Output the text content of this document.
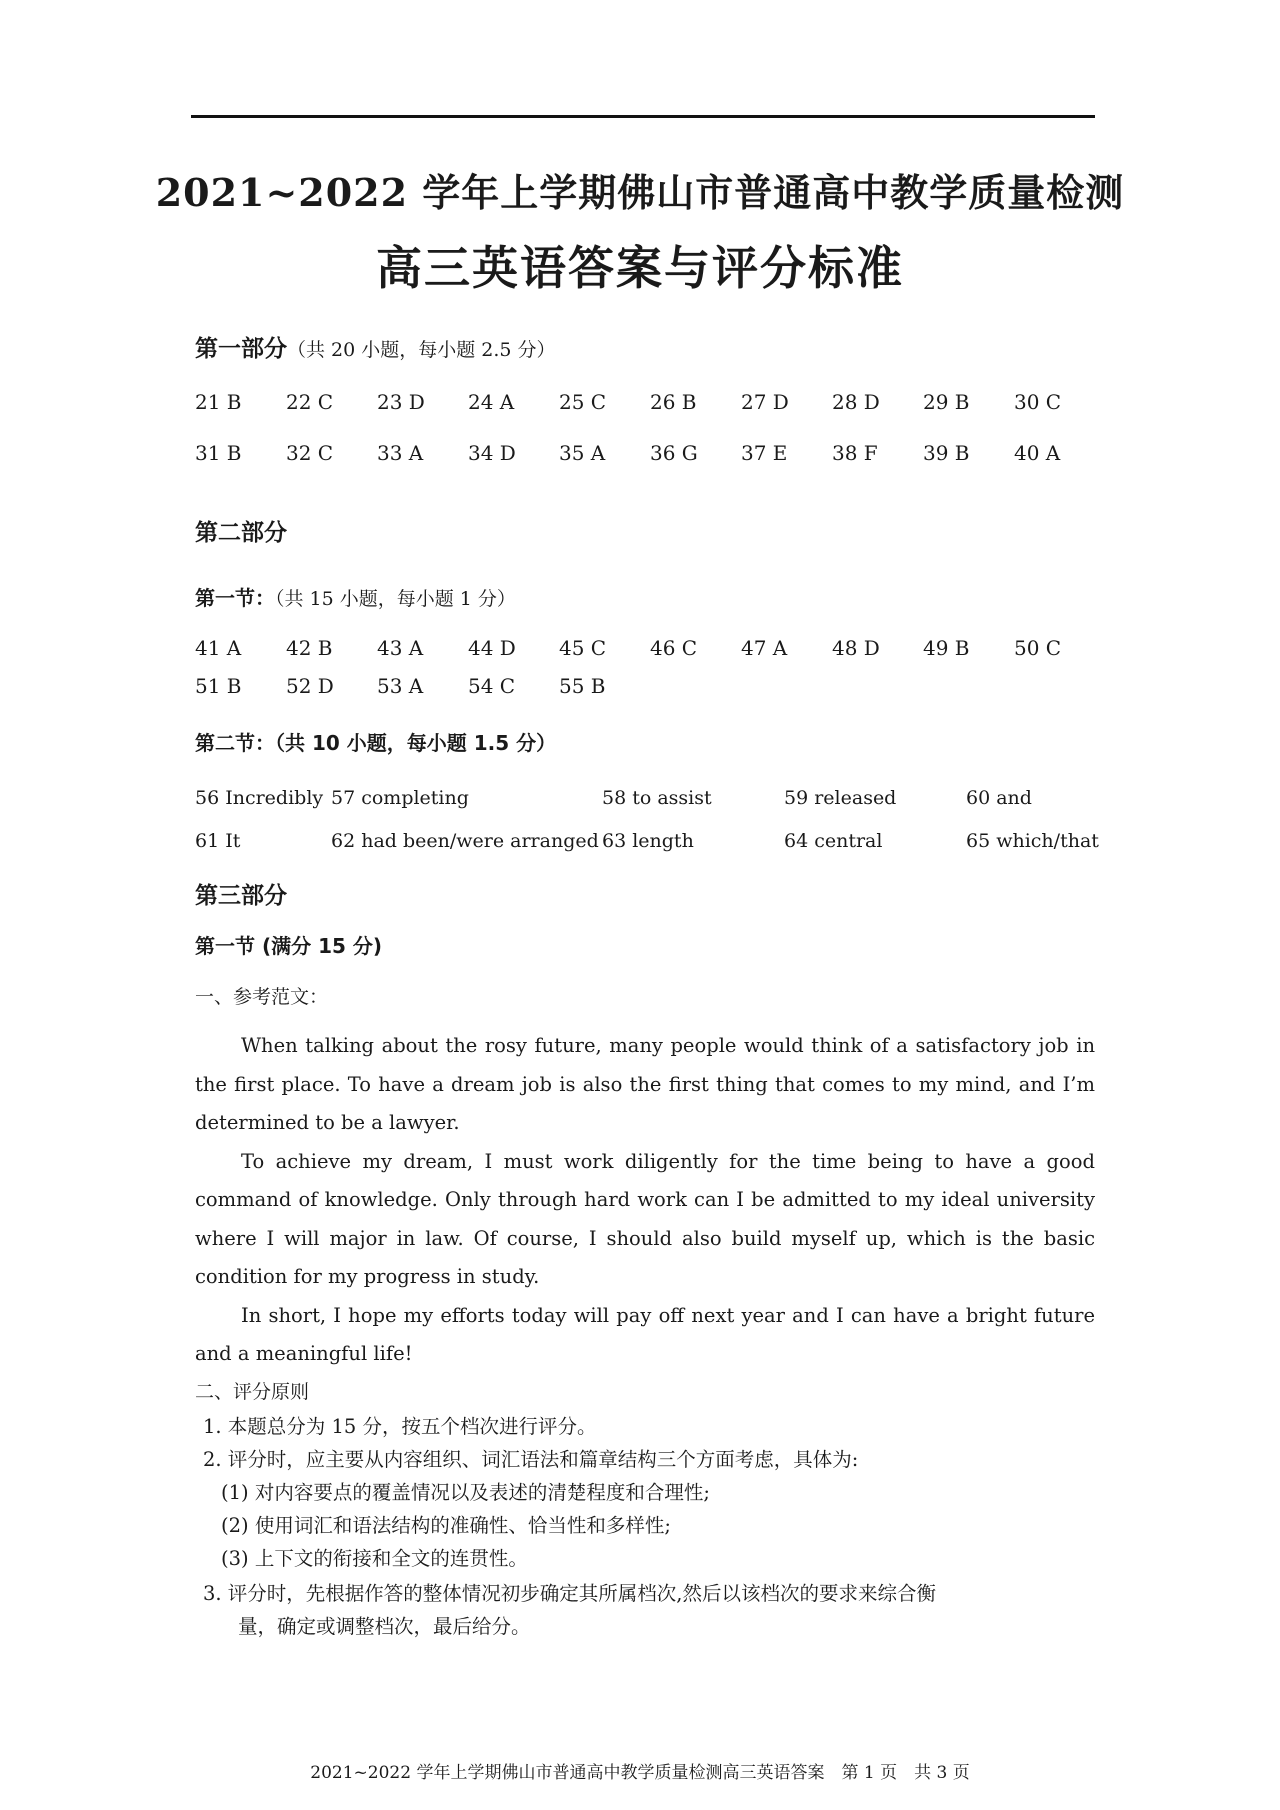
2021~2022 学年上学期佛山市普通高中教学质量检测
高三英语答案与评分标准
第一部分（共 20 小题，每小题 2.5 分）
21 B 22 C 23 D 24 A 25 C 26 B 27 D 28 D 29 B 30 C
31 B 32 C 33 A 34 D 35 A 36 G 37 E 38 F 39 B 40 A
第二部分
第一节：（共 15 小题，每小题 1 分）
41 A 42 B 43 A 44 D 45 C 46 C 47 A 48 D 49 B 50 C
51 B 52 D 53 A 54 C 55 B
第二节：（共 10 小题，每小题 1.5 分）
56 Incredibly 57 completing	58 to assist	59 released	60 and
61 It	62 had been/were arranged 63 length	64 central	65 which/that
第三部分
第一节 (满分 15 分)
一、参考范文：

When talking about the rosy future, many people would think of a satisfactory job in the first place. To have a dream job is also the first thing that comes to my mind, and I’m determined to be a lawyer.

To achieve my dream, I must work diligently for the time being to have a good command of knowledge. Only through hard work can I be admitted to my ideal university where I will major in law. Of course, I should also build myself up, which is the basic condition for my progress in study.

In short, I hope my efforts today will pay off next year and I can have a bright future and a meaningful life!

二、评分原则
1. 本题总分为 15 分，按五个档次进行评分。
2. 评分时，应主要从内容组织、词汇语法和篇章结构三个方面考虑，具体为:
(1) 对内容要点的覆盖情况以及表述的清楚程度和合理性;
(2) 使用词汇和语法结构的准确性、恰当性和多样性;
(3) 上下文的衔接和全文的连贯性。
3. 评分时，先根据作答的整体情况初步确定其所属档次,然后以该档次的要求来综合衡
量，确定或调整档次，最后给分。
2021~2022 学年上学期佛山市普通高中教学质量检测高三英语答案　第 1 页　共 3 页
